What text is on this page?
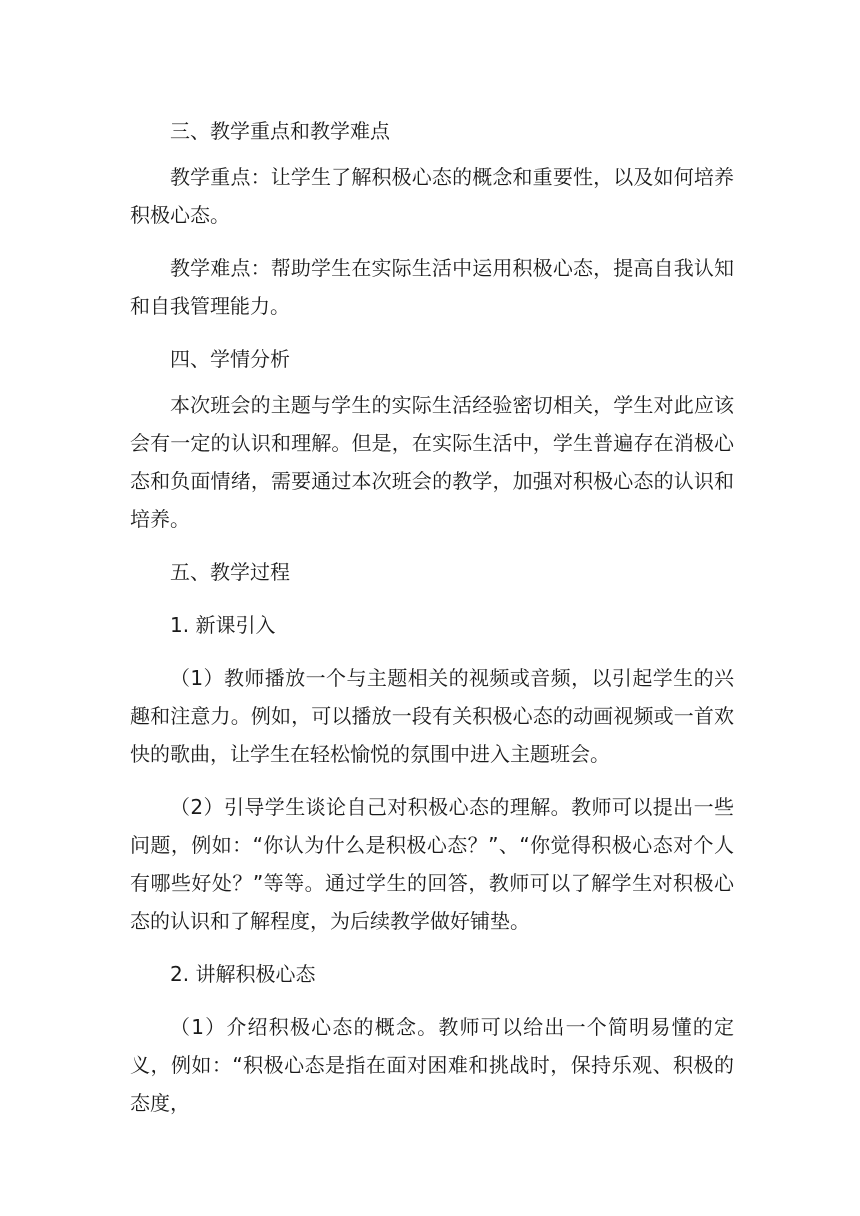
三、教学重点和教学难点

教学重点：让学生了解积极心态的概念和重要性，以及如何培养积极心态。

教学难点：帮助学生在实际生活中运用积极心态，提高自我认知和自我管理能力。

四、学情分析

本次班会的主题与学生的实际生活经验密切相关，学生对此应该会有一定的认识和理解。但是，在实际生活中，学生普遍存在消极心态和负面情绪，需要通过本次班会的教学，加强对积极心态的认识和培养。

五、教学过程

1. 新课引入

（1）教师播放一个与主题相关的视频或音频，以引起学生的兴趣和注意力。例如，可以播放一段有关积极心态的动画视频或一首欢快的歌曲，让学生在轻松愉悦的氛围中进入主题班会。

（2）引导学生谈论自己对积极心态的理解。教师可以提出一些问题，例如：“你认为什么是积极心态？”、“你觉得积极心态对个人有哪些好处？”等等。通过学生的回答，教师可以了解学生对积极心态的认识和了解程度，为后续教学做好铺垫。

2. 讲解积极心态

（1）介绍积极心态的概念。教师可以给出一个简明易懂的定义，例如：“积极心态是指在面对困难和挑战时，保持乐观、积极的态度，
